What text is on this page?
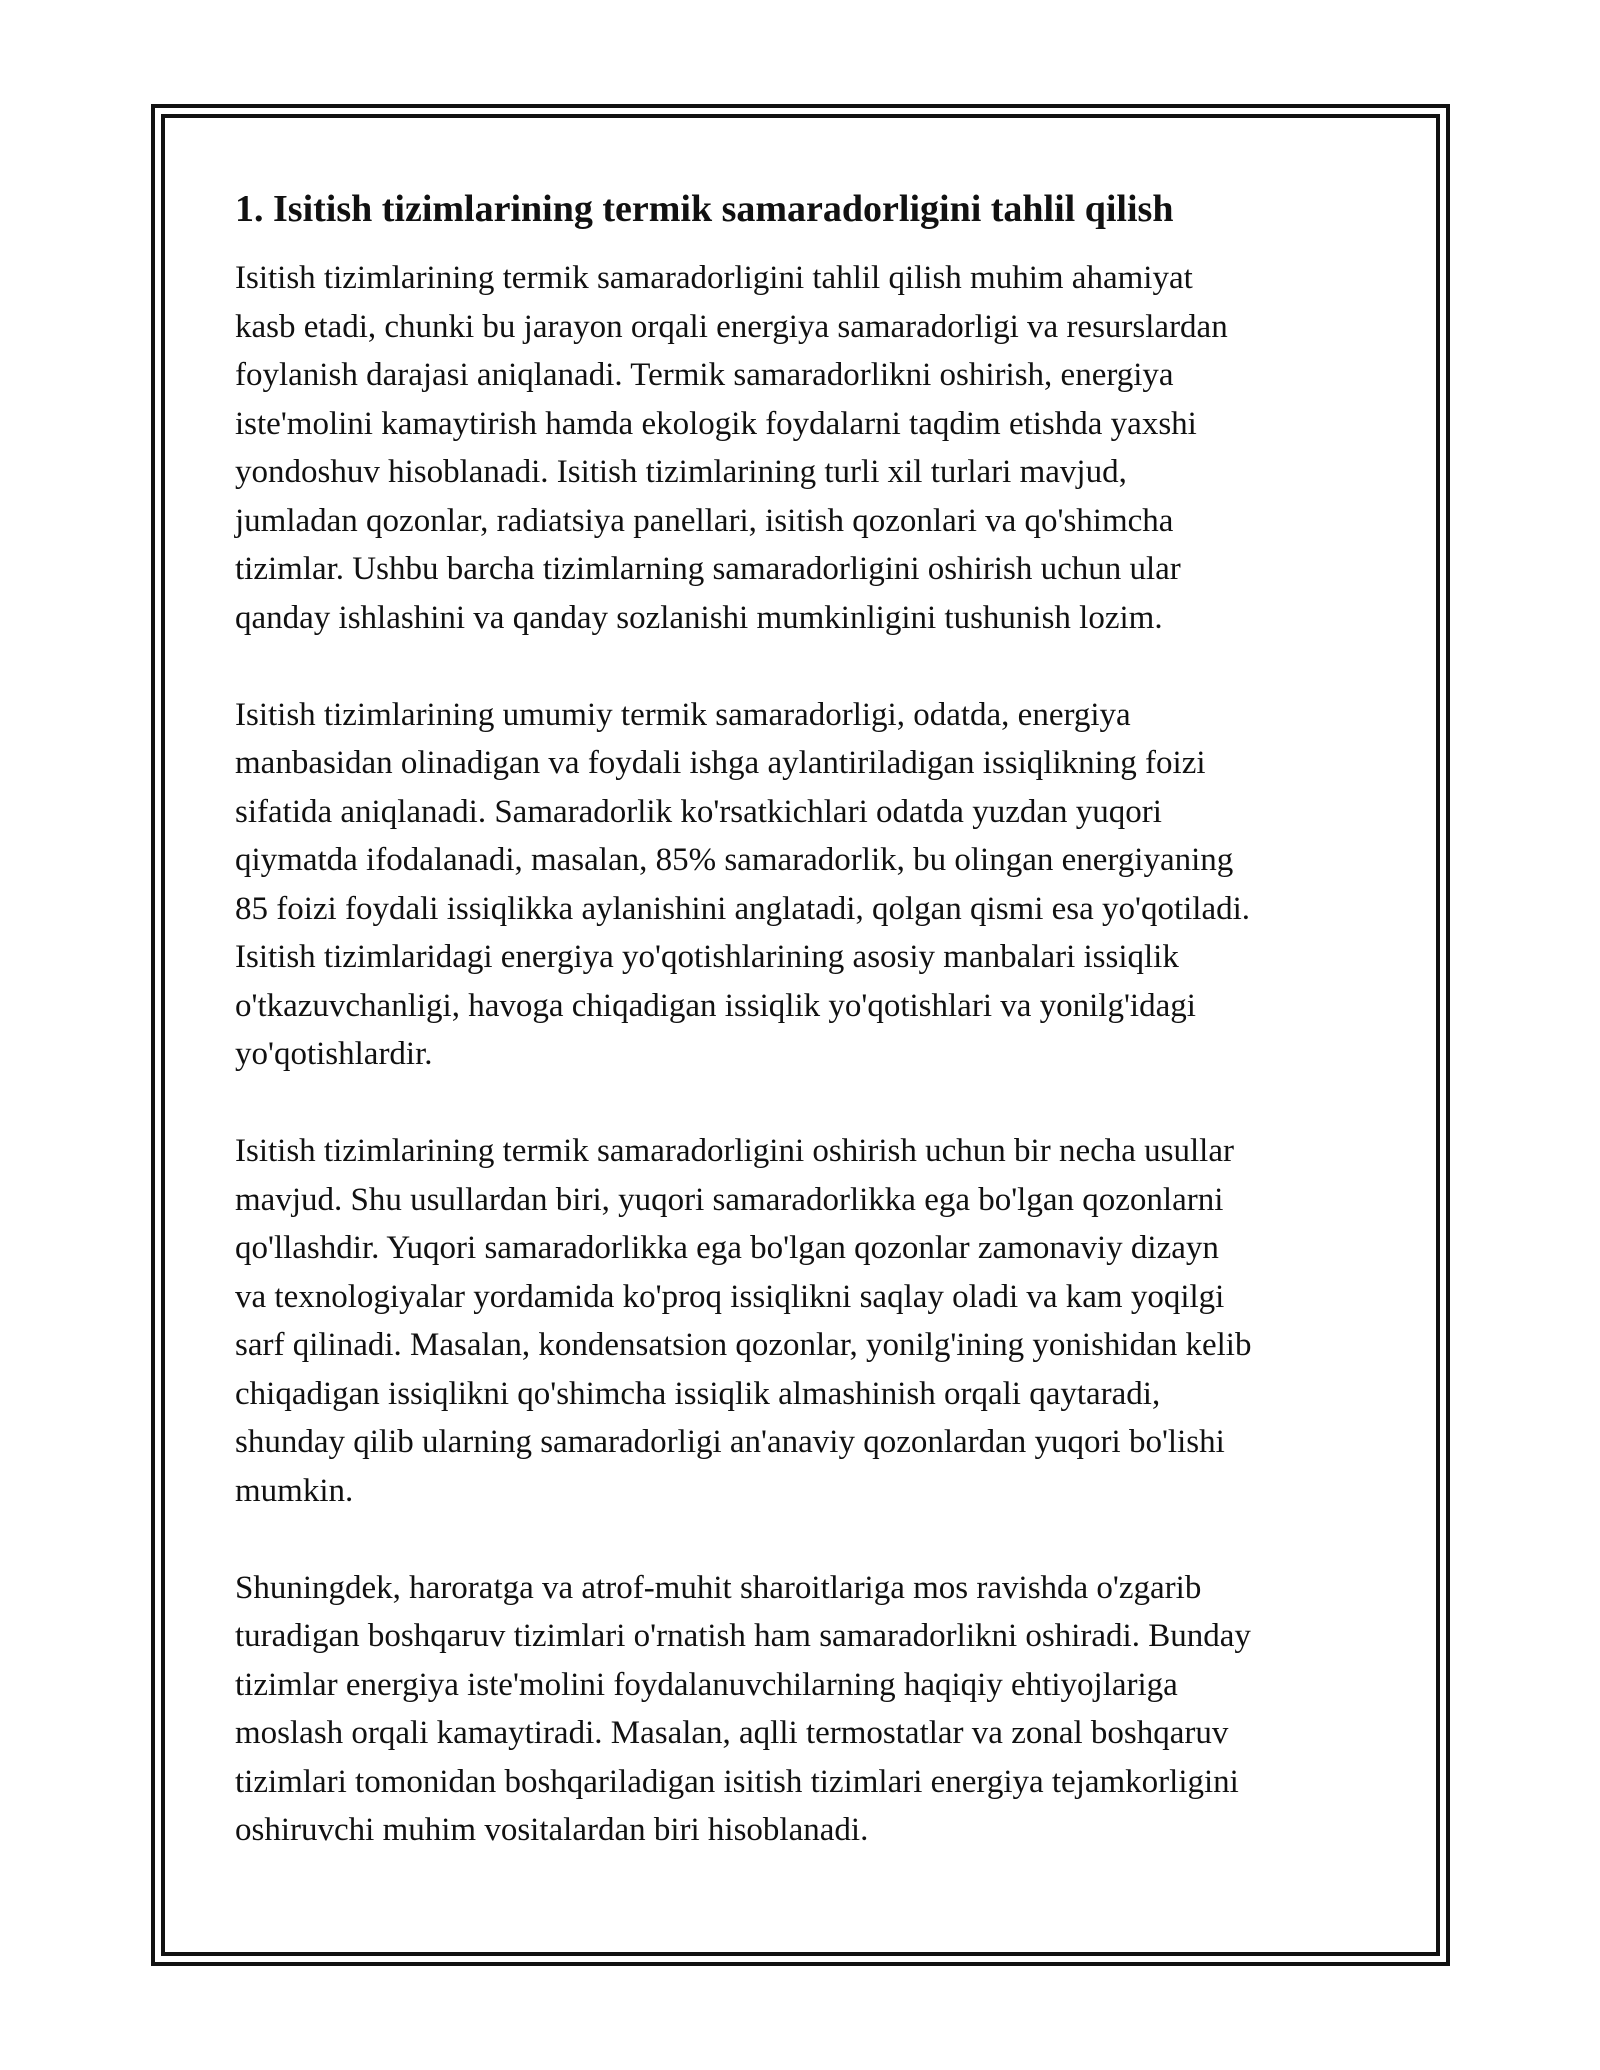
1. Isitish tizimlarining termik samaradorligini tahlil qilish
Isitish tizimlarining termik samaradorligini tahlil qilish muhim ahamiyat
kasb etadi, chunki bu jarayon orqali energiya samaradorligi va resurslardan
foylanish darajasi aniqlanadi. Termik samaradorlikni oshirish, energiya
iste'molini kamaytirish hamda ekologik foydalarni taqdim etishda yaxshi
yondoshuv hisoblanadi. Isitish tizimlarining turli xil turlari mavjud,
jumladan qozonlar, radiatsiya panellari, isitish qozonlari va qo'shimcha
tizimlar. Ushbu barcha tizimlarning samaradorligini oshirish uchun ular
qanday ishlashini va qanday sozlanishi mumkinligini tushunish lozim.
Isitish tizimlarining umumiy termik samaradorligi, odatda, energiya
manbasidan olinadigan va foydali ishga aylantiriladigan issiqlikning foizi
sifatida aniqlanadi. Samaradorlik ko'rsatkichlari odatda yuzdan yuqori
qiymatda ifodalanadi, masalan, 85% samaradorlik, bu olingan energiyaning
85 foizi foydali issiqlikka aylanishini anglatadi, qolgan qismi esa yo'qotiladi.
Isitish tizimlaridagi energiya yo'qotishlarining asosiy manbalari issiqlik
o'tkazuvchanligi, havoga chiqadigan issiqlik yo'qotishlari va yonilg'idagi
yo'qotishlardir.
Isitish tizimlarining termik samaradorligini oshirish uchun bir necha usullar
mavjud. Shu usullardan biri, yuqori samaradorlikka ega bo'lgan qozonlarni
qo'llashdir. Yuqori samaradorlikka ega bo'lgan qozonlar zamonaviy dizayn
va texnologiyalar yordamida ko'proq issiqlikni saqlay oladi va kam yoqilgi
sarf qilinadi. Masalan, kondensatsion qozonlar, yonilg'ining yonishidan kelib
chiqadigan issiqlikni qo'shimcha issiqlik almashinish orqali qaytaradi,
shunday qilib ularning samaradorligi an'anaviy qozonlardan yuqori bo'lishi
mumkin.
Shuningdek, haroratga va atrof-muhit sharoitlariga mos ravishda o'zgarib
turadigan boshqaruv tizimlari o'rnatish ham samaradorlikni oshiradi. Bunday
tizimlar energiya iste'molini foydalanuvchilarning haqiqiy ehtiyojlariga
moslash orqali kamaytiradi. Masalan, aqlli termostatlar va zonal boshqaruv
tizimlari tomonidan boshqariladigan isitish tizimlari energiya tejamkorligini
oshiruvchi muhim vositalardan biri hisoblanadi.
